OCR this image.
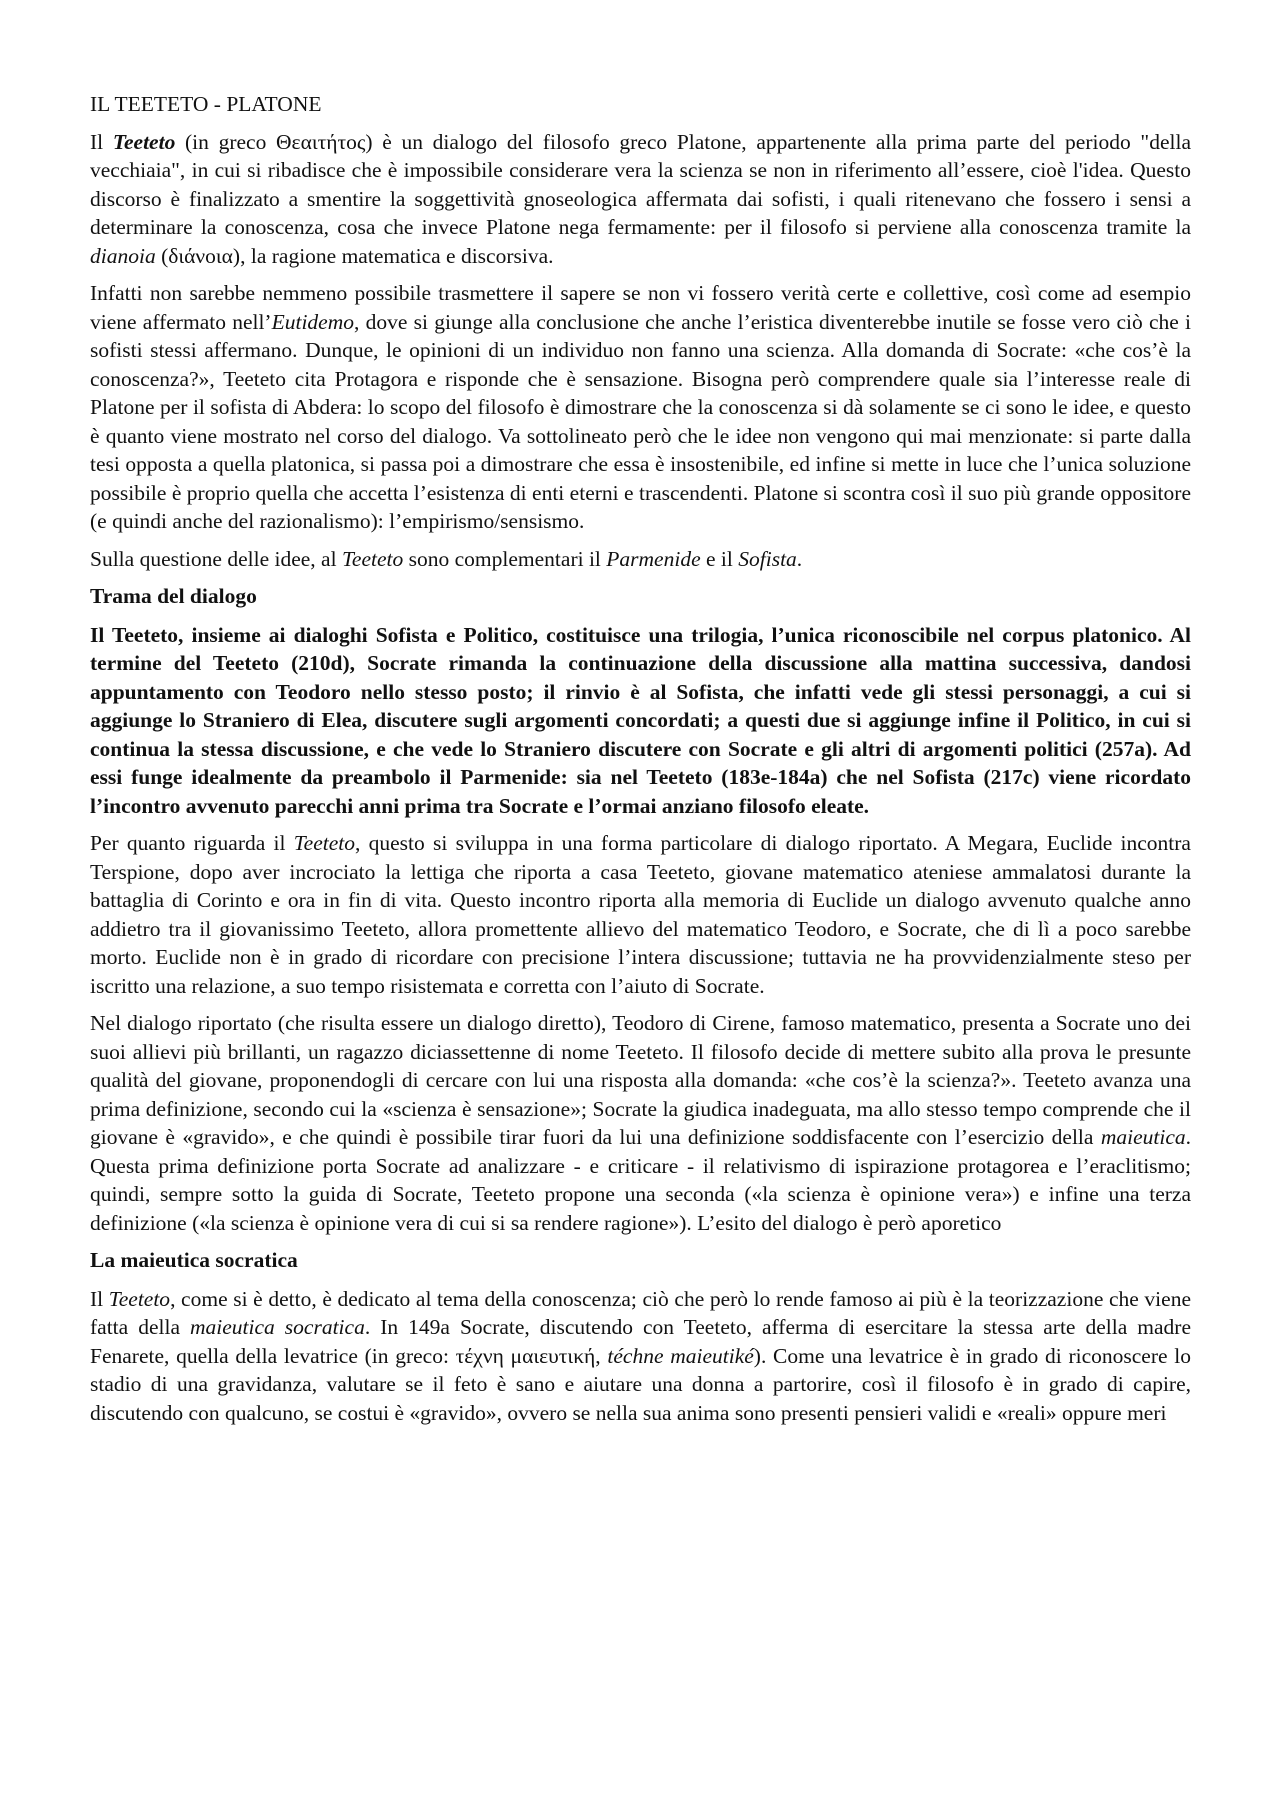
IL TEETETO - PLATONE

Il Teeteto (in greco Θεαιτήτος) è un dialogo del filosofo greco Platone, appartenente alla prima parte del periodo "della vecchiaia", in cui si ribadisce che è impossibile considerare vera la scienza se non in riferimento all’essere, cioè l'idea. Questo discorso è finalizzato a smentire la soggettività gnoseologica affermata dai sofisti, i quali ritenevano che fossero i sensi a determinare la conoscenza, cosa che invece Platone nega fermamente: per il filosofo si perviene alla conoscenza tramite la dianoia (διάνοια), la ragione matematica e discorsiva.

Infatti non sarebbe nemmeno possibile trasmettere il sapere se non vi fossero verità certe e collettive, così come ad esempio viene affermato nell’Eutidemo, dove si giunge alla conclusione che anche l’eristica diventerebbe inutile se fosse vero ciò che i sofisti stessi affermano. Dunque, le opinioni di un individuo non fanno una scienza. Alla domanda di Socrate: «che cos’è la conoscenza?», Teeteto cita Protagora e risponde che è sensazione. Bisogna però comprendere quale sia l’interesse reale di Platone per il sofista di Abdera: lo scopo del filosofo è dimostrare che la conoscenza si dà solamente se ci sono le idee, e questo è quanto viene mostrato nel corso del dialogo. Va sottolineato però che le idee non vengono qui mai menzionate: si parte dalla tesi opposta a quella platonica, si passa poi a dimostrare che essa è insostenibile, ed infine si mette in luce che l’unica soluzione possibile è proprio quella che accetta l’esistenza di enti eterni e trascendenti. Platone si scontra così il suo più grande oppositore (e quindi anche del razionalismo): l’empirismo/sensismo.

Sulla questione delle idee, al Teeteto sono complementari il Parmenide e il Sofista.

Trama del dialogo

Il Teeteto, insieme ai dialoghi Sofista e Politico, costituisce una trilogia, l’unica riconoscibile nel corpus platonico. Al termine del Teeteto (210d), Socrate rimanda la continuazione della discussione alla mattina successiva, dandosi appuntamento con Teodoro nello stesso posto; il rinvio è al Sofista, che infatti vede gli stessi personaggi, a cui si aggiunge lo Straniero di Elea, discutere sugli argomenti concordati; a questi due si aggiunge infine il Politico, in cui si continua la stessa discussione, e che vede lo Straniero discutere con Socrate e gli altri di argomenti politici (257a). Ad essi funge idealmente da preambolo il Parmenide: sia nel Teeteto (183e-184a) che nel Sofista (217c) viene ricordato l’incontro avvenuto parecchi anni prima tra Socrate e l’ormai anziano filosofo eleate.

Per quanto riguarda il Teeteto, questo si sviluppa in una forma particolare di dialogo riportato. A Megara, Euclide incontra Terspione, dopo aver incrociato la lettiga che riporta a casa Teeteto, giovane matematico ateniese ammalatosi durante la battaglia di Corinto e ora in fin di vita. Questo incontro riporta alla memoria di Euclide un dialogo avvenuto qualche anno addietro tra il giovanissimo Teeteto, allora promettente allievo del matematico Teodoro, e Socrate, che di lì a poco sarebbe morto. Euclide non è in grado di ricordare con precisione l’intera discussione; tuttavia ne ha provvidenzialmente steso per iscritto una relazione, a suo tempo risistemata e corretta con l’aiuto di Socrate.

Nel dialogo riportato (che risulta essere un dialogo diretto), Teodoro di Cirene, famoso matematico, presenta a Socrate uno dei suoi allievi più brillanti, un ragazzo diciassettenne di nome Teeteto. Il filosofo decide di mettere subito alla prova le presunte qualità del giovane, proponendogli di cercare con lui una risposta alla domanda: «che cos’è la scienza?». Teeteto avanza una prima definizione, secondo cui la «scienza è sensazione»; Socrate la giudica inadeguata, ma allo stesso tempo comprende che il giovane è «gravido», e che quindi è possibile tirar fuori da lui una definizione soddisfacente con l’esercizio della maieutica. Questa prima definizione porta Socrate ad analizzare - e criticare - il relativismo di ispirazione protagorea e l’eraclitismo; quindi, sempre sotto la guida di Socrate, Teeteto propone una seconda («la scienza è opinione vera») e infine una terza definizione («la scienza è opinione vera di cui si sa rendere ragione»). L’esito del dialogo è però aporetico

La maieutica socratica

Il Teeteto, come si è detto, è dedicato al tema della conoscenza; ciò che però lo rende famoso ai più è la teorizzazione che viene fatta della maieutica socratica. In 149a Socrate, discutendo con Teeteto, afferma di esercitare la stessa arte della madre Fenarete, quella della levatrice (in greco: τέχνη μαιευτική, téchne maieutiké). Come una levatrice è in grado di riconoscere lo stadio di una gravidanza, valutare se il feto è sano e aiutare una donna a partorire, così il filosofo è in grado di capire, discutendo con qualcuno, se costui è «gravido», ovvero se nella sua anima sono presenti pensieri validi e «reali» oppure meri
